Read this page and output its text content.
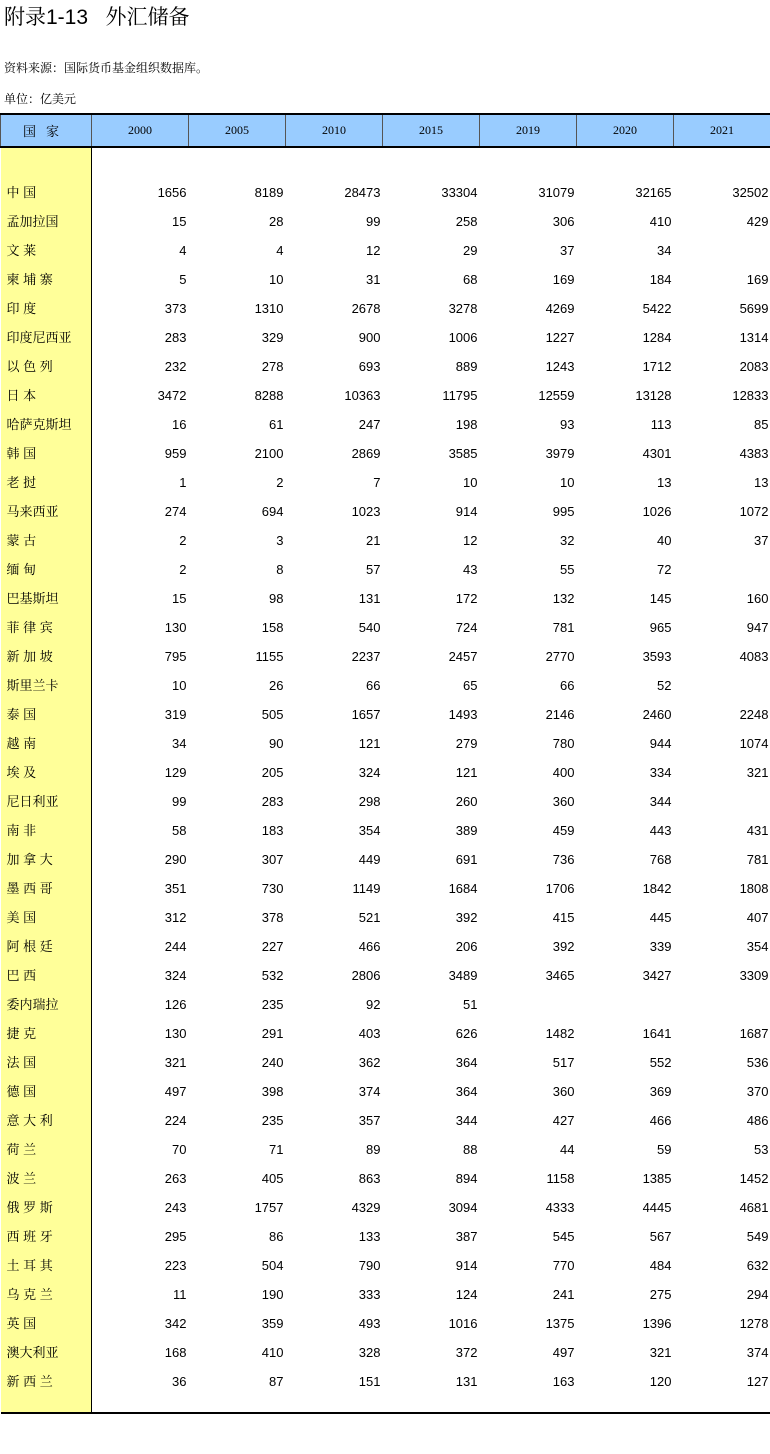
附录1-13   外汇储备
资料来源：国际货币基金组织数据库。
单位：亿美元
国家	2000	2005	2010	2015	2019	2020	2021

中 国	1656	8189	28473	33304	31079	32165	32502
孟加拉国	15	28	99	258	306	410	429
文 莱	4	4	12	29	37	34	
柬 埔 寨	5	10	31	68	169	184	169
印 度	373	1310	2678	3278	4269	5422	5699
印度尼西亚	283	329	900	1006	1227	1284	1314
以 色 列	232	278	693	889	1243	1712	2083
日 本	3472	8288	10363	11795	12559	13128	12833
哈萨克斯坦	16	61	247	198	93	113	85
韩 国	959	2100	2869	3585	3979	4301	4383
老 挝	1	2	7	10	10	13	13
马来西亚	274	694	1023	914	995	1026	1072
蒙 古	2	3	21	12	32	40	37
缅 甸	2	8	57	43	55	72	
巴基斯坦	15	98	131	172	132	145	160
菲 律 宾	130	158	540	724	781	965	947
新 加 坡	795	1155	2237	2457	2770	3593	4083
斯里兰卡	10	26	66	65	66	52	
泰 国	319	505	1657	1493	2146	2460	2248
越 南	34	90	121	279	780	944	1074
埃 及	129	205	324	121	400	334	321
尼日利亚	99	283	298	260	360	344	
南 非	58	183	354	389	459	443	431
加 拿 大	290	307	449	691	736	768	781
墨 西 哥	351	730	1149	1684	1706	1842	1808
美 国	312	378	521	392	415	445	407
阿 根 廷	244	227	466	206	392	339	354
巴 西	324	532	2806	3489	3465	3427	3309
委内瑞拉	126	235	92	51			
捷 克	130	291	403	626	1482	1641	1687
法 国	321	240	362	364	517	552	536
德 国	497	398	374	364	360	369	370
意 大 利	224	235	357	344	427	466	486
荷 兰	70	71	89	88	44	59	53
波 兰	263	405	863	894	1158	1385	1452
俄 罗 斯	243	1757	4329	3094	4333	4445	4681
西 班 牙	295	86	133	387	545	567	549
土 耳 其	223	504	790	914	770	484	632
乌 克 兰	11	190	333	124	241	275	294
英 国	342	359	493	1016	1375	1396	1278
澳大利亚	168	410	328	372	497	321	374
新 西 兰	36	87	151	131	163	120	127
